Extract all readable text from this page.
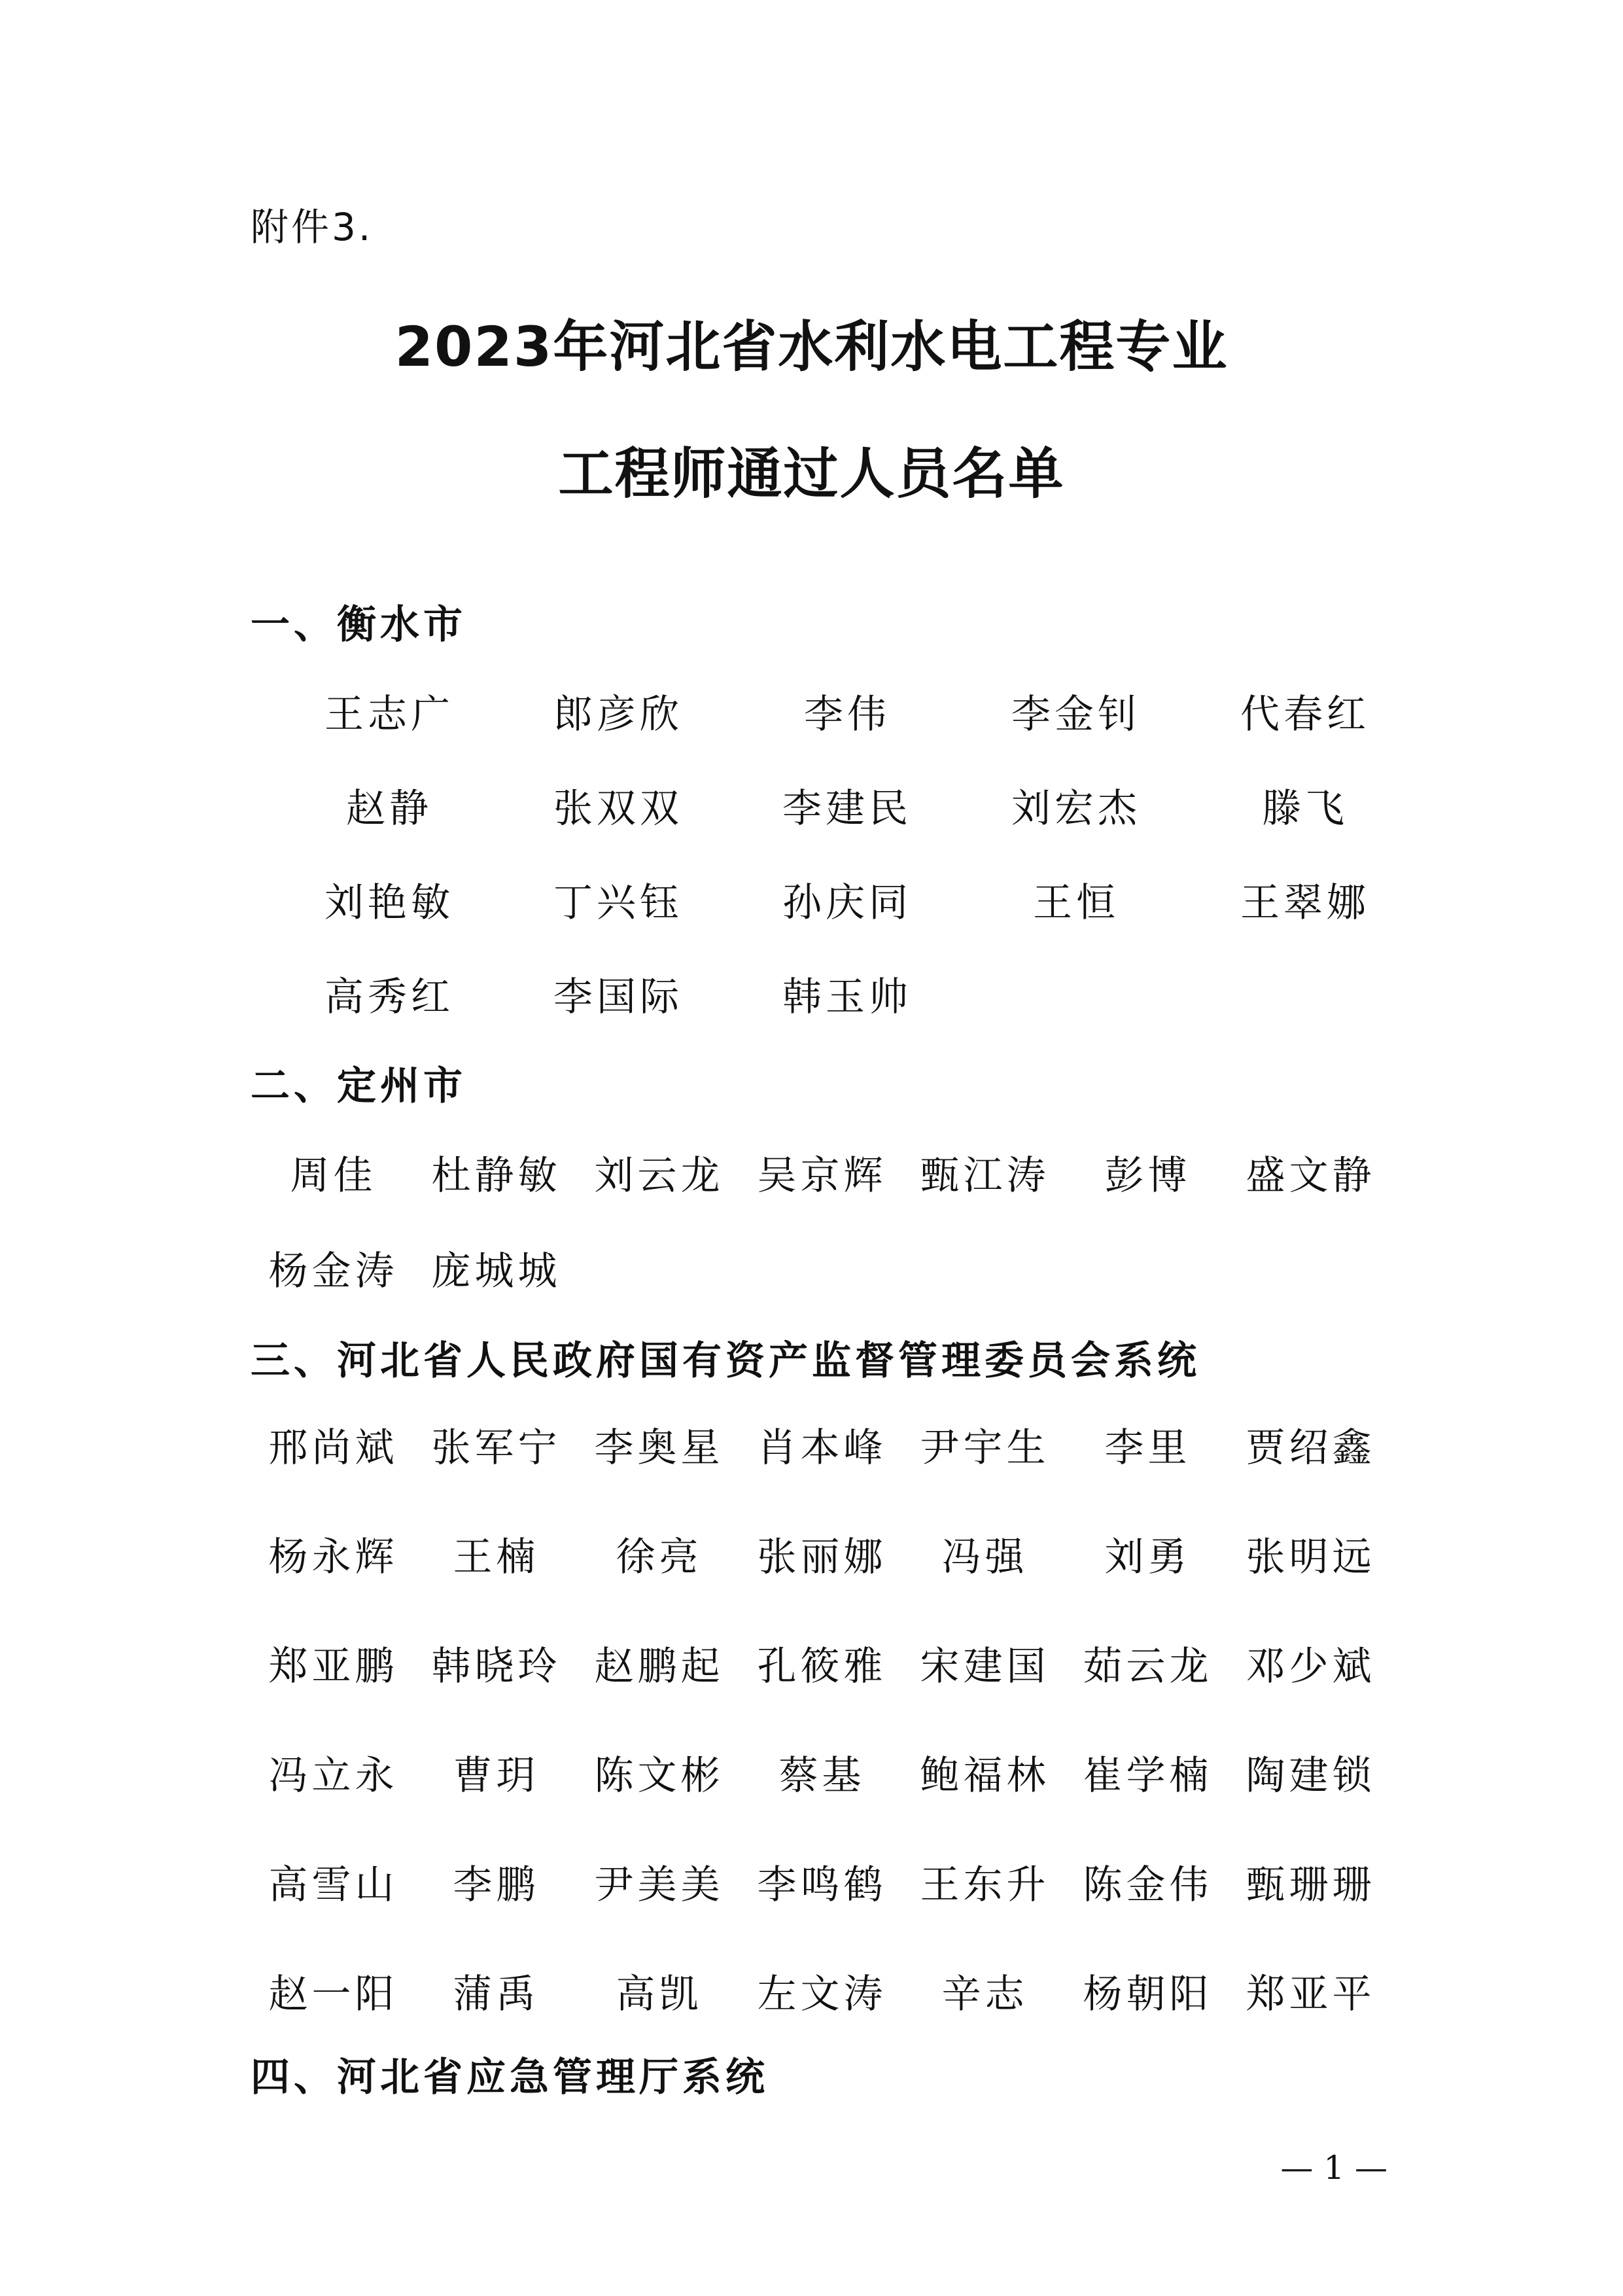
附件3.
2023年河北省水利水电工程专业
工程师通过人员名单
一、衡水市
王志广	郎彦欣	李伟	李金钊	代春红
赵静	张双双	李建民	刘宏杰	滕飞
刘艳敏	丁兴钰	孙庆同	王恒	王翠娜
高秀红	李国际	韩玉帅
二、定州市
周佳	杜静敏 刘云龙 吴京辉 甄江涛	彭博	盛文静
杨金涛 庞城城
三、河北省人民政府国有资产监督管理委员会系统
邢尚斌 张军宁 李奥星 肖本峰 尹宇生	李里	贾绍鑫
杨永辉	王楠	徐亮	张丽娜	冯强	刘勇	张明远
郑亚鹏 韩晓玲 赵鹏起 孔筱雅 宋建国 茹云龙 邓少斌
冯立永	曹玥	陈文彬	蔡基	鲍福林 崔学楠 陶建锁
高雪山	李鹏	尹美美 李鸣鹤 王东升 陈金伟 甄珊珊
赵一阳	蒲禹	高凯	左文涛	辛志	杨朝阳 郑亚平
四、河北省应急管理厅系统
— 1 —
